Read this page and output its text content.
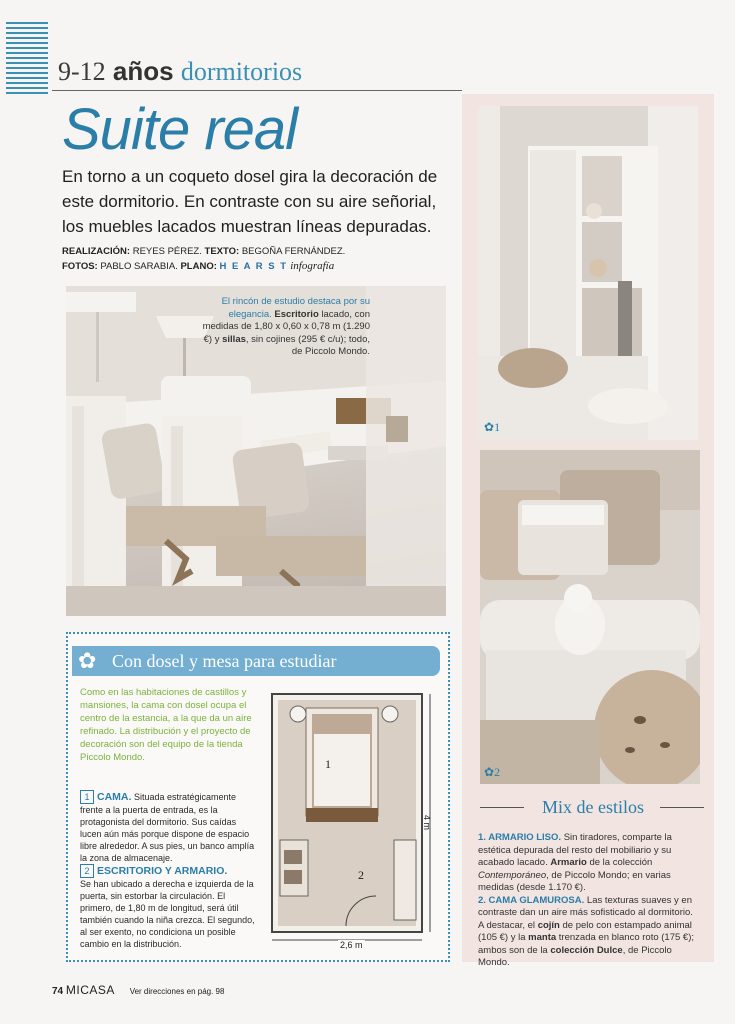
9-12 años dormitorios
Suite real
En torno a un coqueto dosel gira la decoración de este dormitorio. En contraste con su aire señorial, los muebles lacados muestran líneas depuradas.
REALIZACIÓN: REYES PÉREZ. TEXTO: BEGOÑA FERNÁNDEZ.
FOTOS: PABLO SARABIA. PLANO: H E A R S T infografía
El rincón de estudio destaca por su elegancia. Escritorio lacado, con medidas de 1,80 x 0,60 x 0,78 m (1.290 €) y sillas, sin cojines (295 € c/u); todo, de Piccolo Mondo.
✿1
✿2
Mix de estilos
1. ARMARIO LISO. Sin tiradores, comparte la estética depurada del resto del mobiliario y su acabado lacado. Armario de la colección Contemporáneo, de Piccolo Mondo; en varias medidas (desde 1.170 €).
2. CAMA GLAMUROSA. Las texturas suaves y en contraste dan un aire más sofisticado al dormitorio. A destacar, el cojín de pelo con estampado animal (105 €) y la manta trenzada en blanco roto (175 €); ambos son de la colección Dulce, de Piccolo Mondo.
✿ Con dosel y mesa para estudiar
Como en las habitaciones de castillos y mansiones, la cama con dosel ocupa el centro de la estancia, a la que da un aire refinado. La distribución y el proyecto de decoración son del equipo de la tienda Piccolo Mondo.
1 CAMA. Situada estratégicamente frente a la puerta de entrada, es la protagonista del dormitorio. Sus caídas lucen aún más porque dispone de espacio libre alrededor. A sus pies, un banco amplía la zona de almacenaje.
2 ESCRITORIO Y ARMARIO.
Se han ubicado a derecha e izquierda de la puerta, sin estorbar la circulación. El primero, de 1,80 m de longitud, será útil también cuando la niña crezca. El segundo, al ser exento, no condiciona un posible cambio en la distribución.
1
2
2,6 m
4 m
74 MICASA Ver direcciones en pág. 98
